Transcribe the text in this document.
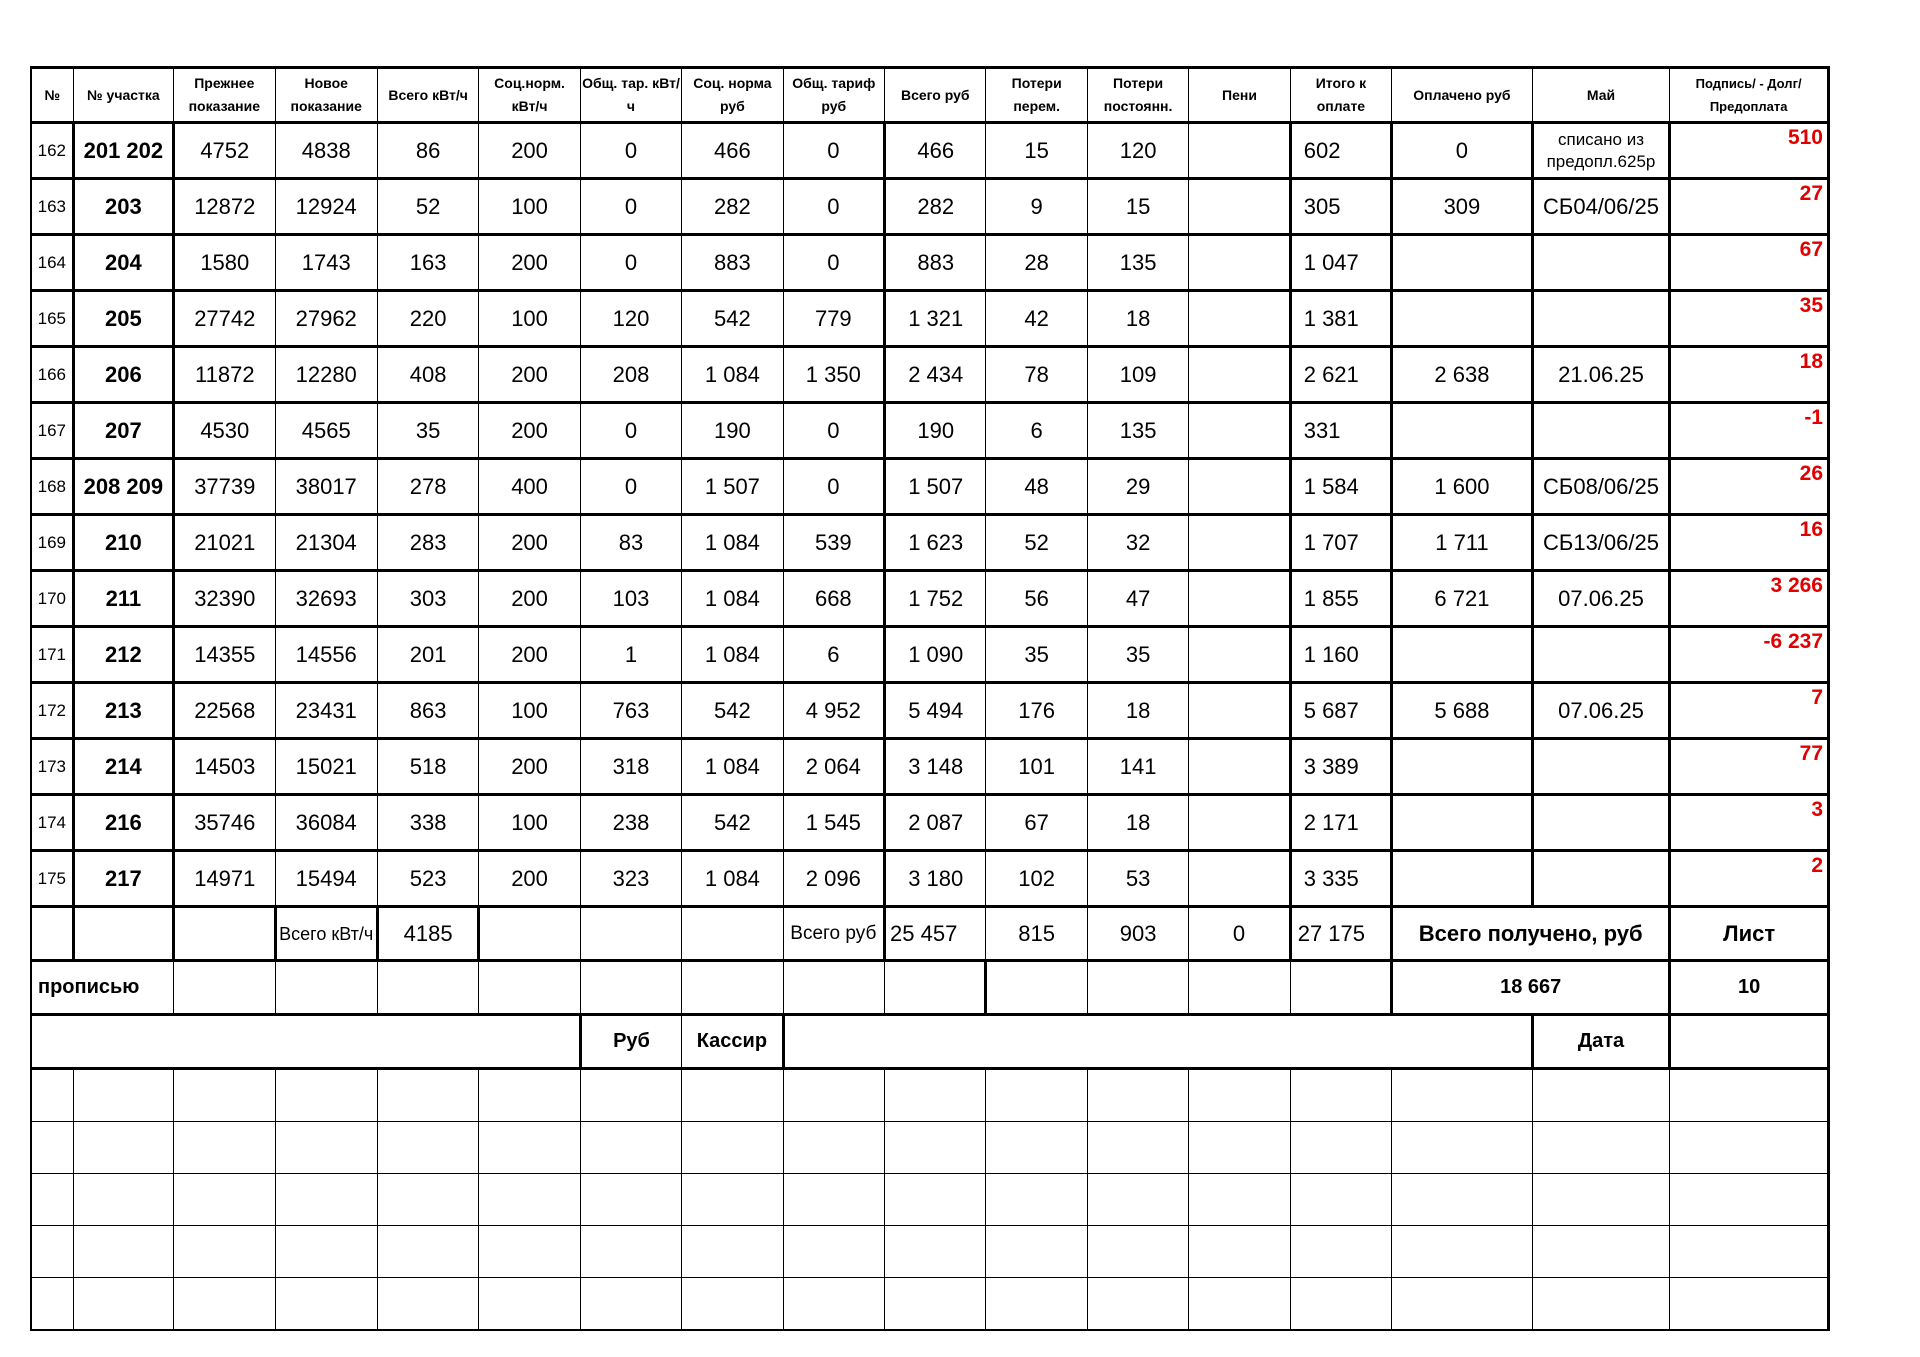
№	№ участка	Прежнее показание	Новое показание	Всего кВт/ч	Соц.норм. кВт/ч	Общ. тар. кВт/ч	Соц. норма руб	Общ. тариф руб	Всего руб	Потери перем.	Потери постоянн.	Пени	Итого к оплате	Оплачено руб	Май	Подпись/ - Долг/Предоплата
162	201 202	4752	4838	86	200	0	466	0	466	15	120		602	0	списано из предопл.625р	510
163	203	12872	12924	52	100	0	282	0	282	9	15		305	309	СБ04/06/25	27
164	204	1580	1743	163	200	0	883	0	883	28	135		1 047			67
165	205	27742	27962	220	100	120	542	779	1 321	42	18		1 381			35
166	206	11872	12280	408	200	208	1 084	1 350	2 434	78	109		2 621	2 638	21.06.25	18
167	207	4530	4565	35	200	0	190	0	190	6	135		331			-1
168	208 209	37739	38017	278	400	0	1 507	0	1 507	48	29		1 584	1 600	СБ08/06/25	26
169	210	21021	21304	283	200	83	1 084	539	1 623	52	32		1 707	1 711	СБ13/06/25	16
170	211	32390	32693	303	200	103	1 084	668	1 752	56	47		1 855	6 721	07.06.25	3 266
171	212	14355	14556	201	200	1	1 084	6	1 090	35	35		1 160			-6 237
172	213	22568	23431	863	100	763	542	4 952	5 494	176	18		5 687	5 688	07.06.25	7
173	214	14503	15021	518	200	318	1 084	2 064	3 148	101	141		3 389			77
174	216	35746	36084	338	100	238	542	1 545	2 087	67	18		2 171			3
175	217	14971	15494	523	200	323	1 084	2 096	3 180	102	53		3 335			2
			Всего кВт/ч	4185				Всего руб	25 457	815	903	0	27 175	Всего получено, руб		Лист
прописью														18 667		10
						Руб	Кассир								Дата	
